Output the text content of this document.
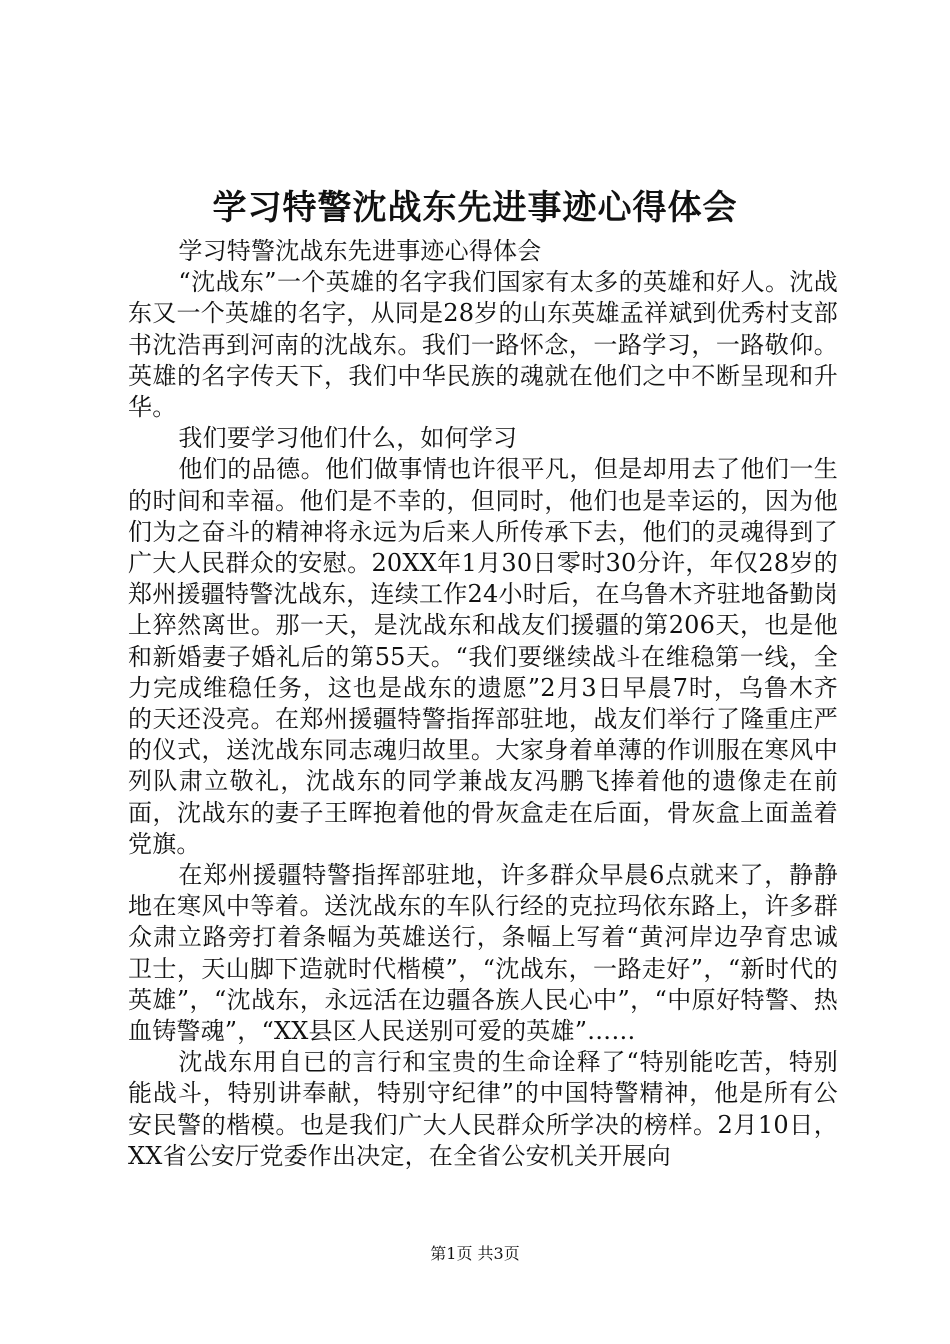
学习特警沈战东先进事迹心得体会

学习特警沈战东先进事迹心得体会

“沈战东”一个英雄的名字我们国家有太多的英雄和好人。沈战东又一个英雄的名字，从同是28岁的山东英雄孟祥斌到优秀村支部书沈浩再到河南的沈战东。我们一路怀念，一路学习，一路敬仰。英雄的名字传天下，我们中华民族的魂就在他们之中不断呈现和升华。

我们要学习他们什么，如何学习

他们的品德。他们做事情也许很平凡，但是却用去了他们一生的时间和幸福。他们是不幸的，但同时，他们也是幸运的，因为他们为之奋斗的精神将永远为后来人所传承下去，他们的灵魂得到了广大人民群众的安慰。20XX年1月30日零时30分许，年仅28岁的郑州援疆特警沈战东，连续工作24小时后，在乌鲁木齐驻地备勤岗上猝然离世。那一天，是沈战东和战友们援疆的第206天，也是他和新婚妻子婚礼后的第55天。“我们要继续战斗在维稳第一线，全力完成维稳任务，这也是战东的遗愿”2月3日早晨7时，乌鲁木齐的天还没亮。在郑州援疆特警指挥部驻地，战友们举行了隆重庄严的仪式，送沈战东同志魂归故里。大家身着单薄的作训服在寒风中列队肃立敬礼，沈战东的同学兼战友冯鹏飞捧着他的遗像走在前面，沈战东的妻子王晖抱着他的骨灰盒走在后面，骨灰盒上面盖着党旗。

在郑州援疆特警指挥部驻地，许多群众早晨6点就来了，静静地在寒风中等着。送沈战东的车队行经的克拉玛依东路上，许多群众肃立路旁打着条幅为英雄送行，条幅上写着“黄河岸边孕育忠诚卫士，天山脚下造就时代楷模”，“沈战东，一路走好”，“新时代的英雄”，“沈战东，永远活在边疆各族人民心中”，“中原好特警、热血铸警魂”，“XX县区人民送别可爱的英雄”……

沈战东用自已的言行和宝贵的生命诠释了“特别能吃苦，特别能战斗，特别讲奉献，特别守纪律”的中国特警精神，他是所有公安民警的楷模。也是我们广大人民群众所学决的榜样。2月10日，XX省公安厅党委作出决定，在全省公安机关开展向

第1页 共3页
